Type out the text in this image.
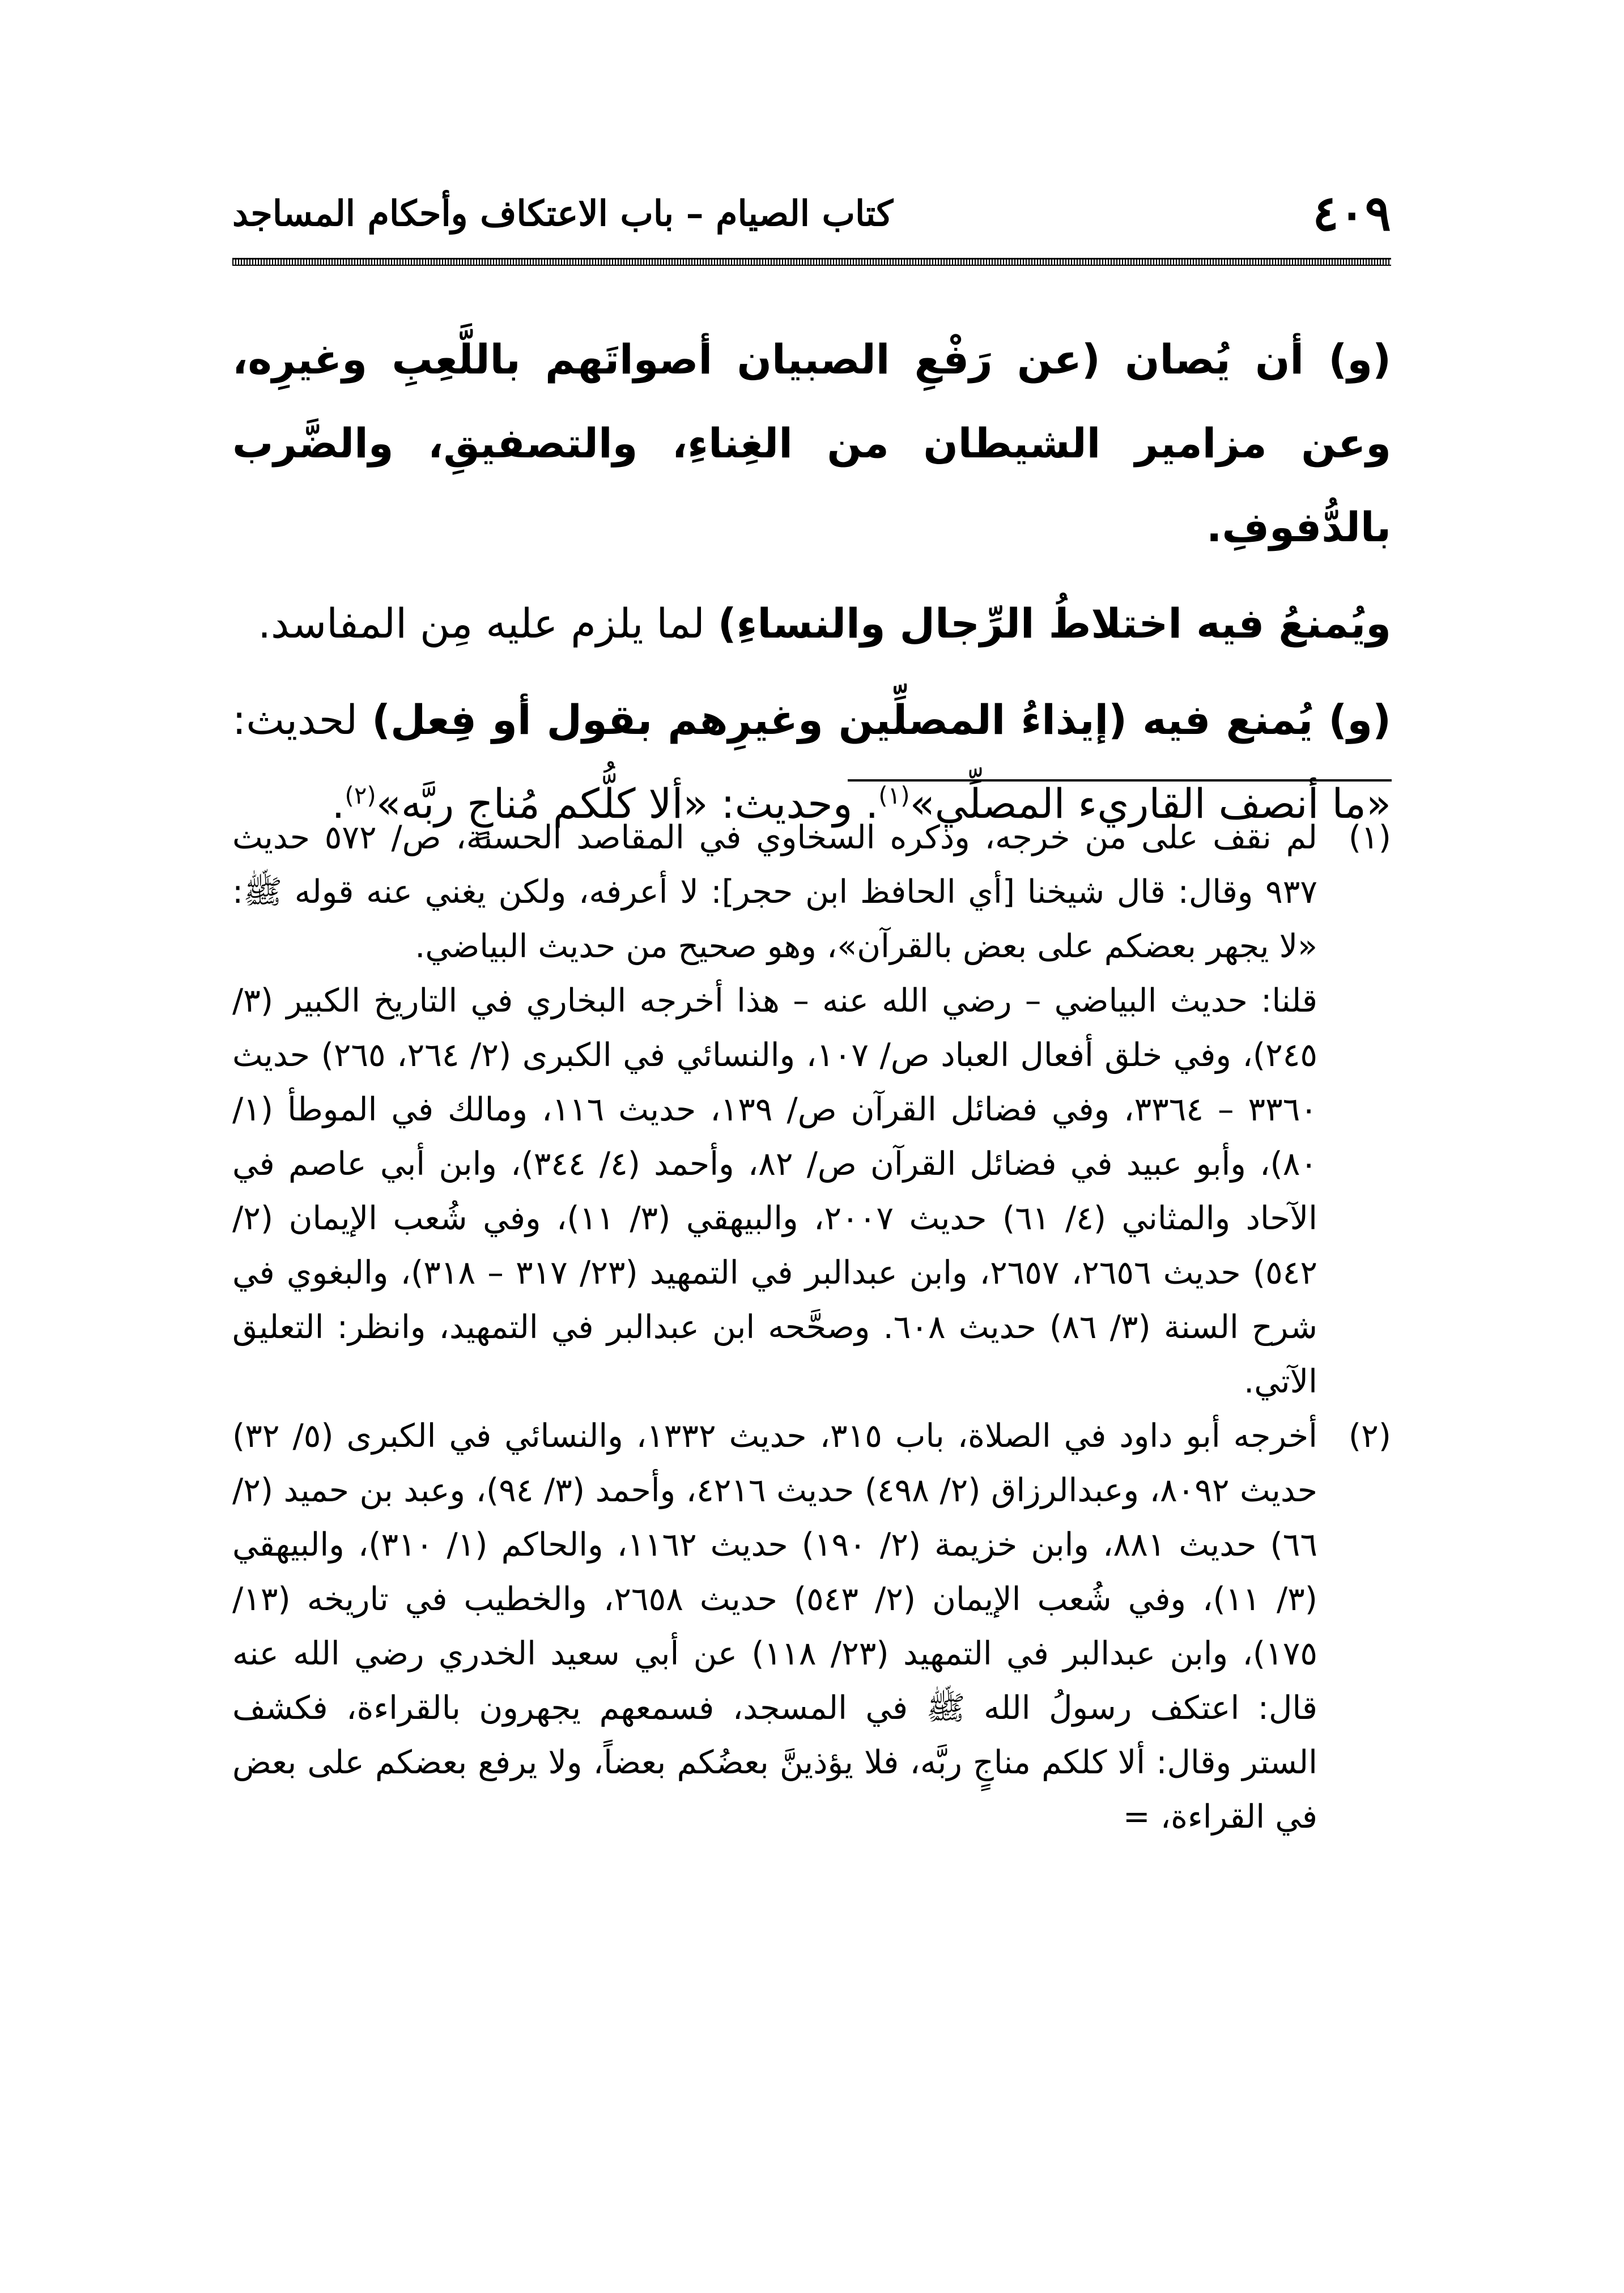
كتاب الصيام – باب الاعتكاف وأحكام المساجد	٤٠٩

(و) أن يُصان (عن رَفْعِ الصبيان أصواتَهم باللَّعِبِ وغيرِه، وعن مزامير الشيطان من الغِناءِ، والتصفيقِ، والضَّرب بالدُّفوفِ.

ويُمنعُ فيه اختلاطُ الرِّجال والنساءِ) لما يلزم عليه مِن المفاسد.

(و) يُمنع فيه (إيذاءُ المصلِّين وغيرِهم بقول أو فِعل) لحديث: «ما أنصف القاريء المصلِّي»$^{(١)}$. وحديث: «ألا كلُّكم مُناجٍ ربَّه»$^{(٢)}$.

(١)

لم نقف على من خرجه، وذكره السخاوي في المقاصد الحسنة، ص/ ٥٧٢ حديث ٩٣٧ وقال: قال شيخنا [أي الحافظ ابن حجر]: لا أعرفه، ولكن يغني عنه قوله ﷺ: «لا يجهر بعضكم على بعض بالقرآن»، وهو صحيح من حديث البياضي.

قلنا: حديث البياضي – رضي الله عنه – هذا أخرجه البخاري في التاريخ الكبير (٣/ ٢٤٥)، وفي خلق أفعال العباد ص/ ١٠٧، والنسائي في الكبرى (٢/ ٢٦٤، ٢٦٥) حديث ٣٣٦٠ – ٣٣٦٤، وفي فضائل القرآن ص/ ١٣٩، حديث ١١٦، ومالك في الموطأ (١/ ٨٠)، وأبو عبيد في فضائل القرآن ص/ ٨٢، وأحمد (٤/ ٣٤٤)، وابن أبي عاصم في الآحاد والمثاني (٤/ ٦١) حديث ٢٠٠٧، والبيهقي (٣/ ١١)، وفي شُعب الإيمان (٢/ ٥٤٢) حديث ٢٦٥٦، ٢٦٥٧، وابن عبدالبر في التمهيد (٢٣/ ٣١٧ – ٣١٨)، والبغوي في شرح السنة (٣/ ٨٦) حديث ٦٠٨. وصحَّحه ابن عبدالبر في التمهيد، وانظر: التعليق الآتي.

(٢)

أخرجه أبو داود في الصلاة، باب ٣١٥، حديث ١٣٣٢، والنسائي في الكبرى (٥/ ٣٢) حديث ٨٠٩٢، وعبدالرزاق (٢/ ٤٩٨) حديث ٤٢١٦، وأحمد (٣/ ٩٤)، وعبد بن حميد (٢/ ٦٦) حديث ٨٨١، وابن خزيمة (٢/ ١٩٠) حديث ١١٦٢، والحاكم (١/ ٣١٠)، والبيهقي (٣/ ١١)، وفي شُعب الإيمان (٢/ ٥٤٣) حديث ٢٦٥٨، والخطيب في تاريخه (١٣/ ١٧٥)، وابن عبدالبر في التمهيد (٢٣/ ١١٨) عن أبي سعيد الخدري رضي الله عنه قال: اعتكف رسولُ الله ﷺ في المسجد، فسمعهم يجهرون بالقراءة، فكشف الستر وقال: ألا كلكم مناجٍ ربَّه، فلا يؤذينَّ بعضُكم بعضاً، ولا يرفع بعضكم على بعض في القراءة، =
